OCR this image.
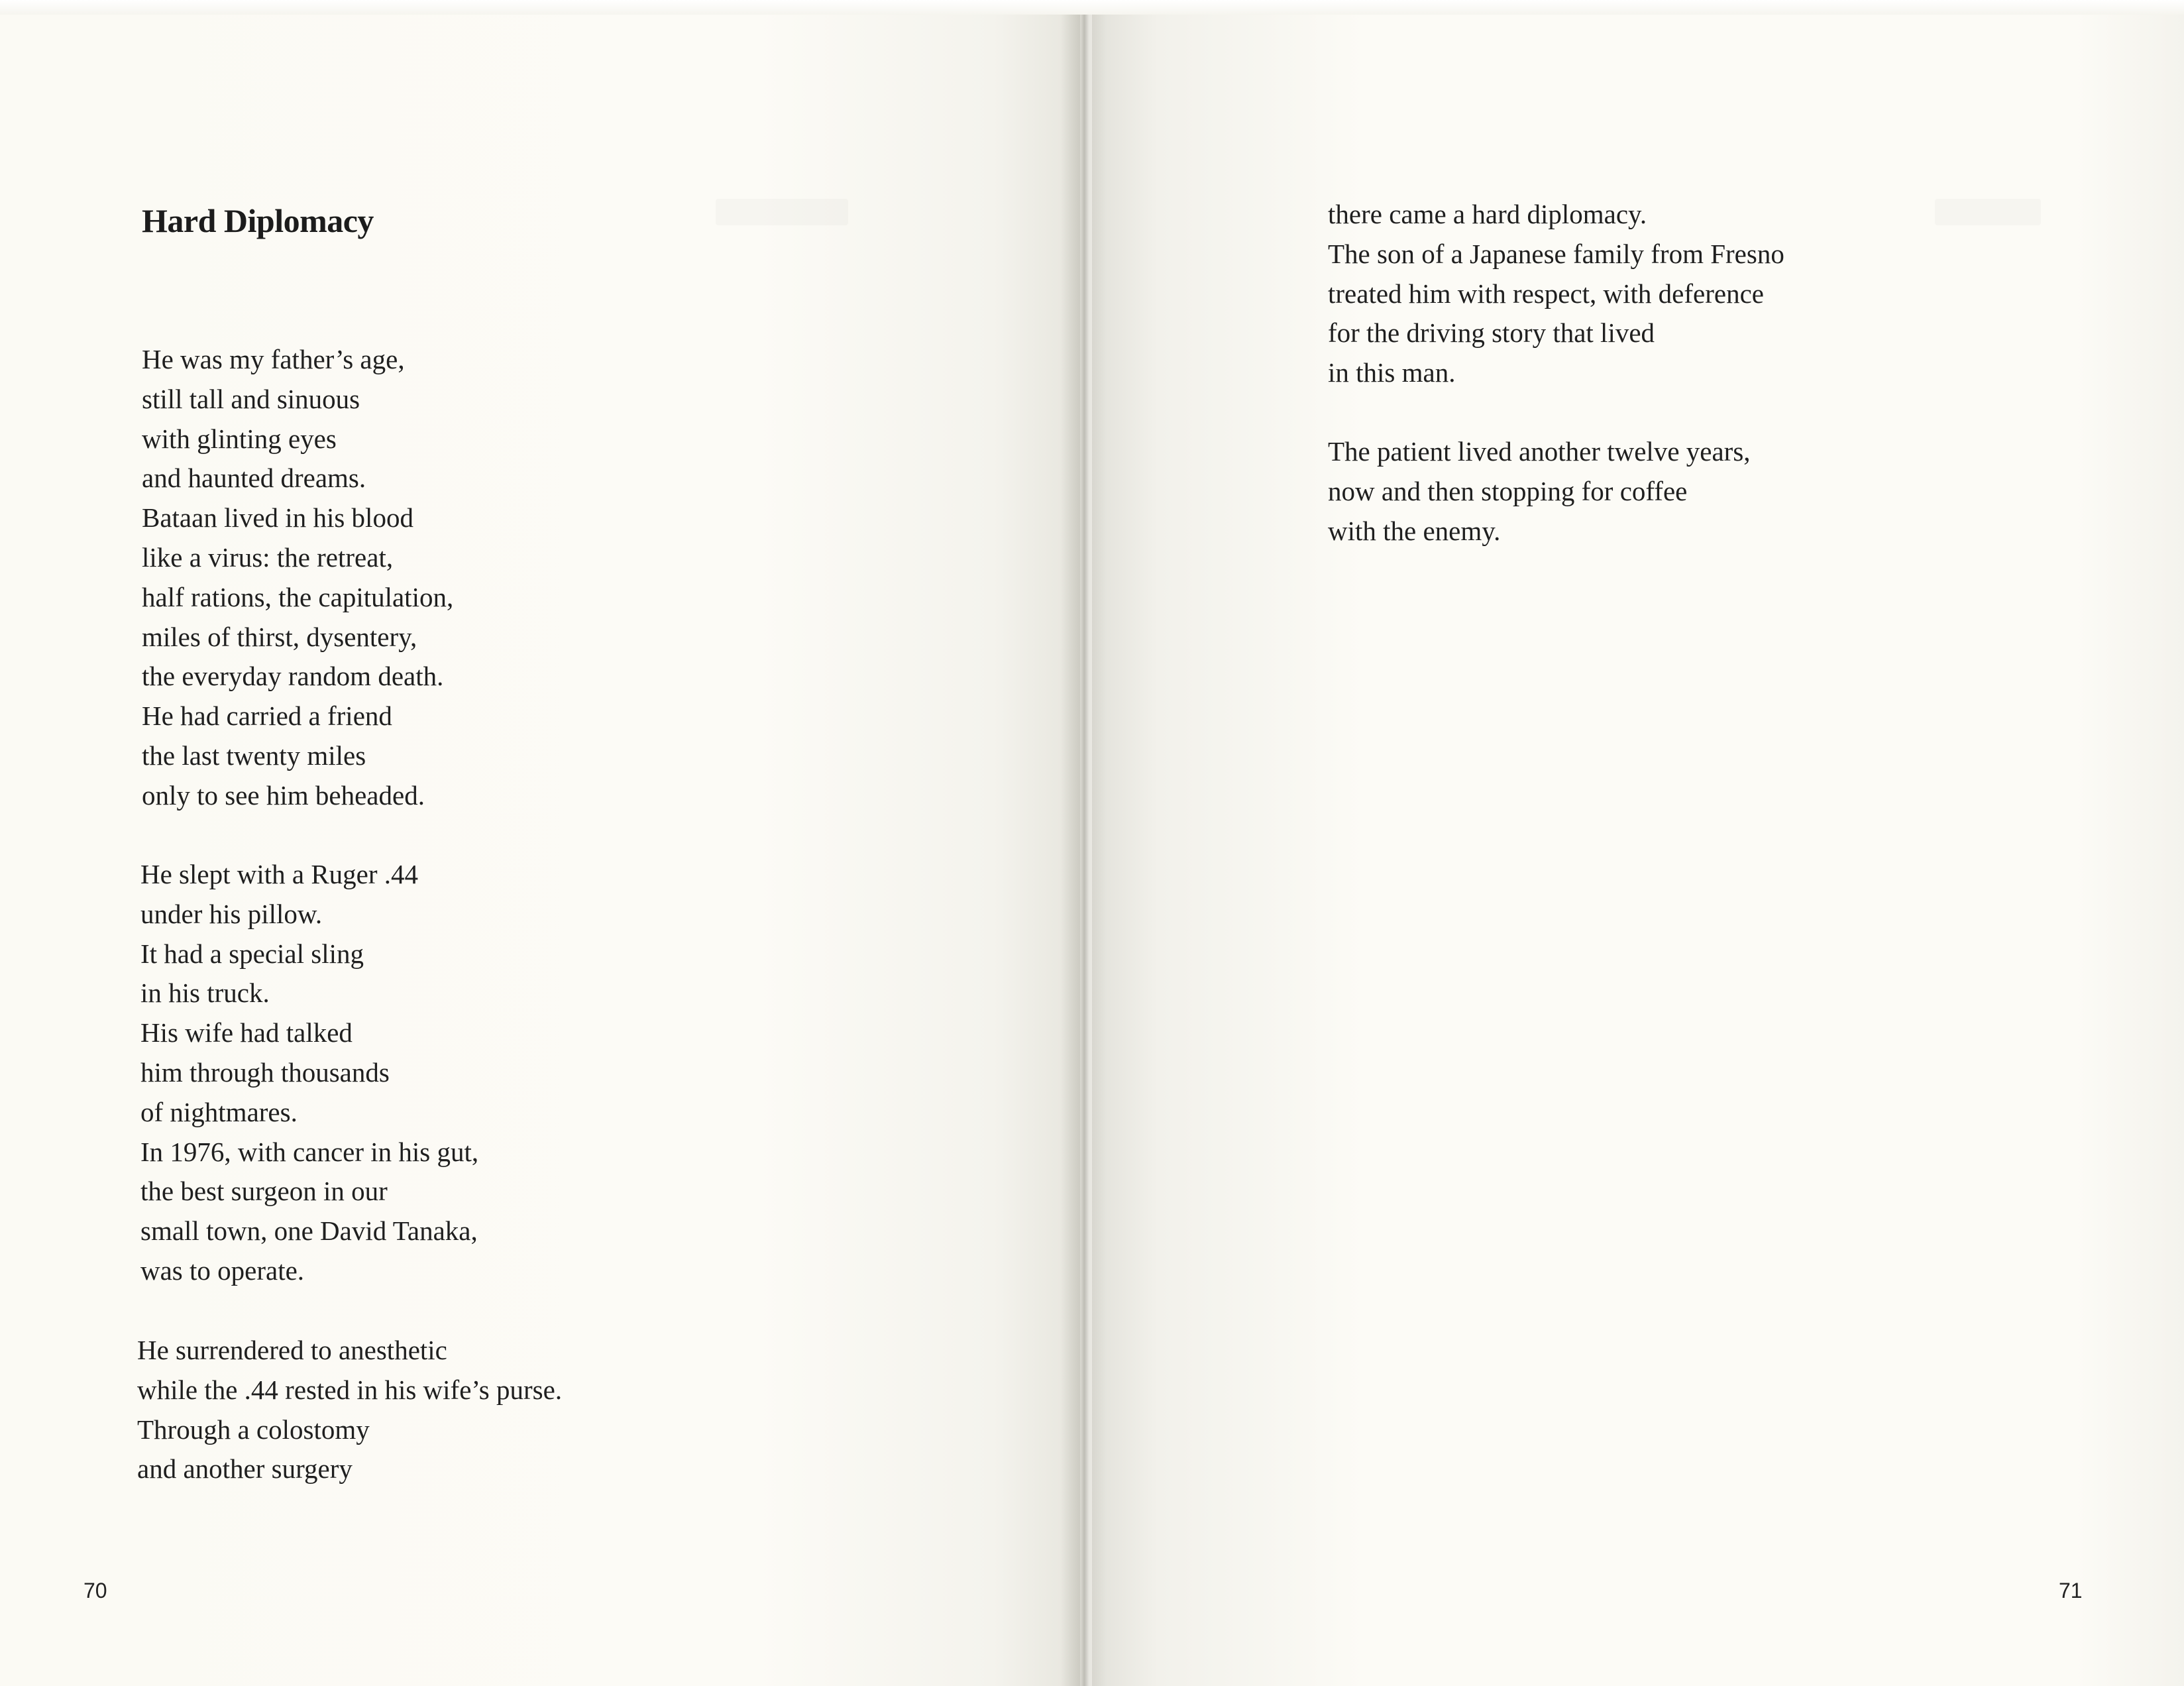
Hard Diplomacy
He was my father’s age,
still tall and sinuous
with glinting eyes
and haunted dreams.
Bataan lived in his blood
like a virus: the retreat,
half rations, the capitulation,
miles of thirst, dysentery,
the everyday random death.
He had carried a friend
the last twenty miles
only to see him beheaded.
He slept with a Ruger .44
under his pillow.
It had a special sling
in his truck.
His wife had talked
him through thousands
of nightmares.
In 1976, with cancer in his gut,
the best surgeon in our
small town, one David Tanaka,
was to operate.
He surrendered to anesthetic
while the .44 rested in his wife’s purse.
Through a colostomy
and another surgery
70
there came a hard diplomacy.
The son of a Japanese family from Fresno
treated him with respect, with deference
for the driving story that lived
in this man.
The patient lived another twelve years,
now and then stopping for coffee
with the enemy.
71
